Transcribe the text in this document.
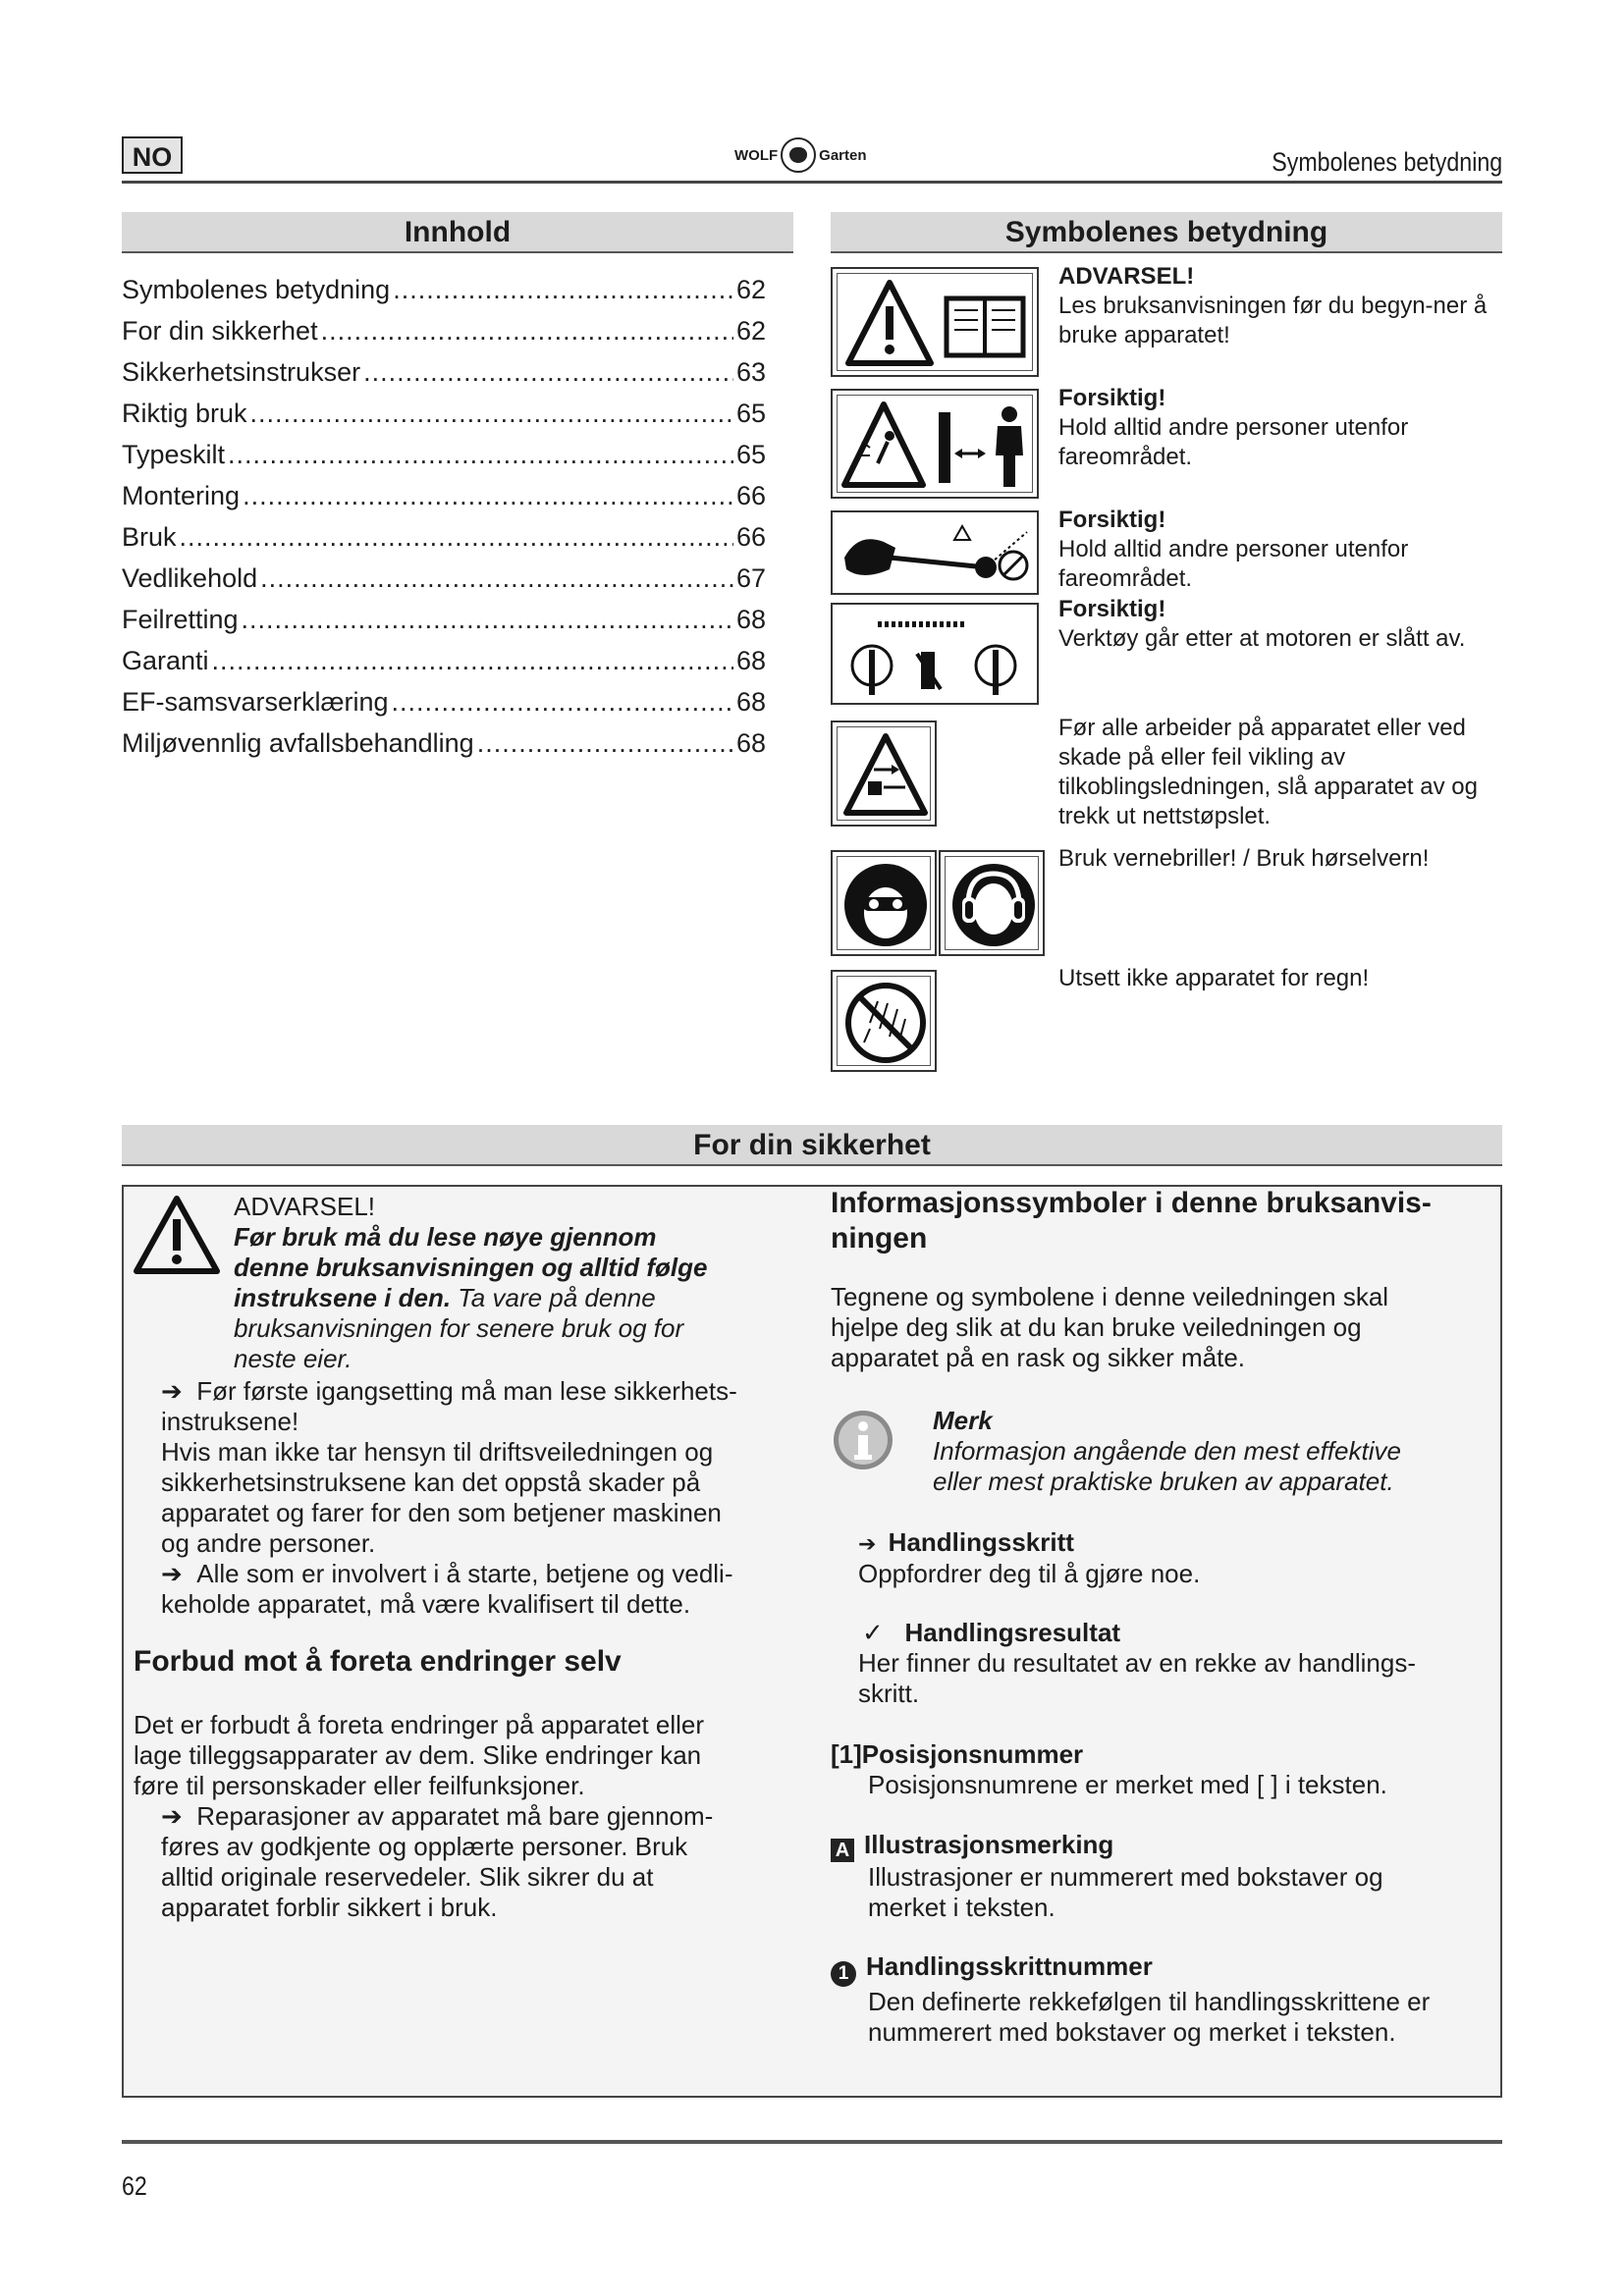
NO	WOLF	Garten	Symbolenes betydning
Innhold
Symbolenes betydning .....	62
For din sikkerhet .....	62
Sikkerhetsinstrukser .....	63
Riktig bruk .....	65
Typeskilt .....	65
Montering .....	66
Bruk .....	66
Vedlikehold .....	67
Feilretting .....	68
Garanti .....	68
EF-samsvarserklæring .....	68
Miljøvennlig avfallsbehandling .....	68
Symbolenes betydning
ADVARSEL!
Les bruksanvisningen før du begyn-ner å bruke apparatet!
Forsiktig!
Hold alltid andre personer utenfor fareområdet.
Forsiktig!
Hold alltid andre personer utenfor fareområdet.
Forsiktig!
Verktøy går etter at motoren er slått av.
Før alle arbeider på apparatet eller ved skade på eller feil vikling av tilkoblingsledningen, slå apparatet av og trekk ut nettstøpslet.
Bruk vernebriller! / Bruk hørselvern!
Utsett ikke apparatet for regn!
For din sikkerhet
ADVARSEL!
Før bruk må du lese nøye gjennom
denne bruksanvisningen og alltid følge
instruksene i den. Ta vare på denne
bruksanvisningen for senere bruk og for
neste eier.
➔  Før første igangsetting må man lese sikkerhets-
instruksene!
Hvis man ikke tar hensyn til driftsveiledningen og
sikkerhetsinstruksene kan det oppstå skader på
apparatet og farer for den som betjener maskinen
og andre personer.
➔  Alle som er involvert i å starte, betjene og vedli-
keholde apparatet, må være kvalifisert til dette.
Forbud mot å foreta endringer selv
Det er forbudt å foreta endringer på apparatet eller
lage tilleggsapparater av dem. Slike endringer kan
føre til personskader eller feilfunksjoner.
➔  Reparasjoner av apparatet må bare gjennom-
føres av godkjente og opplærte personer. Bruk
alltid originale reservedeler. Slik sikrer du at
apparatet forblir sikkert i bruk.
Informasjonssymboler i denne bruksanvis-
ningen
Tegnene og symbolene i denne veiledningen skal
hjelpe deg slik at du kan bruke veiledningen og
apparatet på en rask og sikker måte.
Merk
Informasjon angående den mest effektive
eller mest praktiske bruken av apparatet.
➔  Handlingsskritt
Oppfordrer deg til å gjøre noe.
✓   Handlingsresultat
Her finner du resultatet av en rekke av handlings-
skritt.
[1]Posisjonsnummer
Posisjonsnumrene er merket med [ ] i teksten.
A Illustrasjonsmerking
Illustrasjoner er nummerert med bokstaver og
merket i teksten.
1 Handlingsskrittnummer
Den definerte rekkefølgen til handlingsskrittene er
nummerert med bokstaver og merket i teksten.
62
